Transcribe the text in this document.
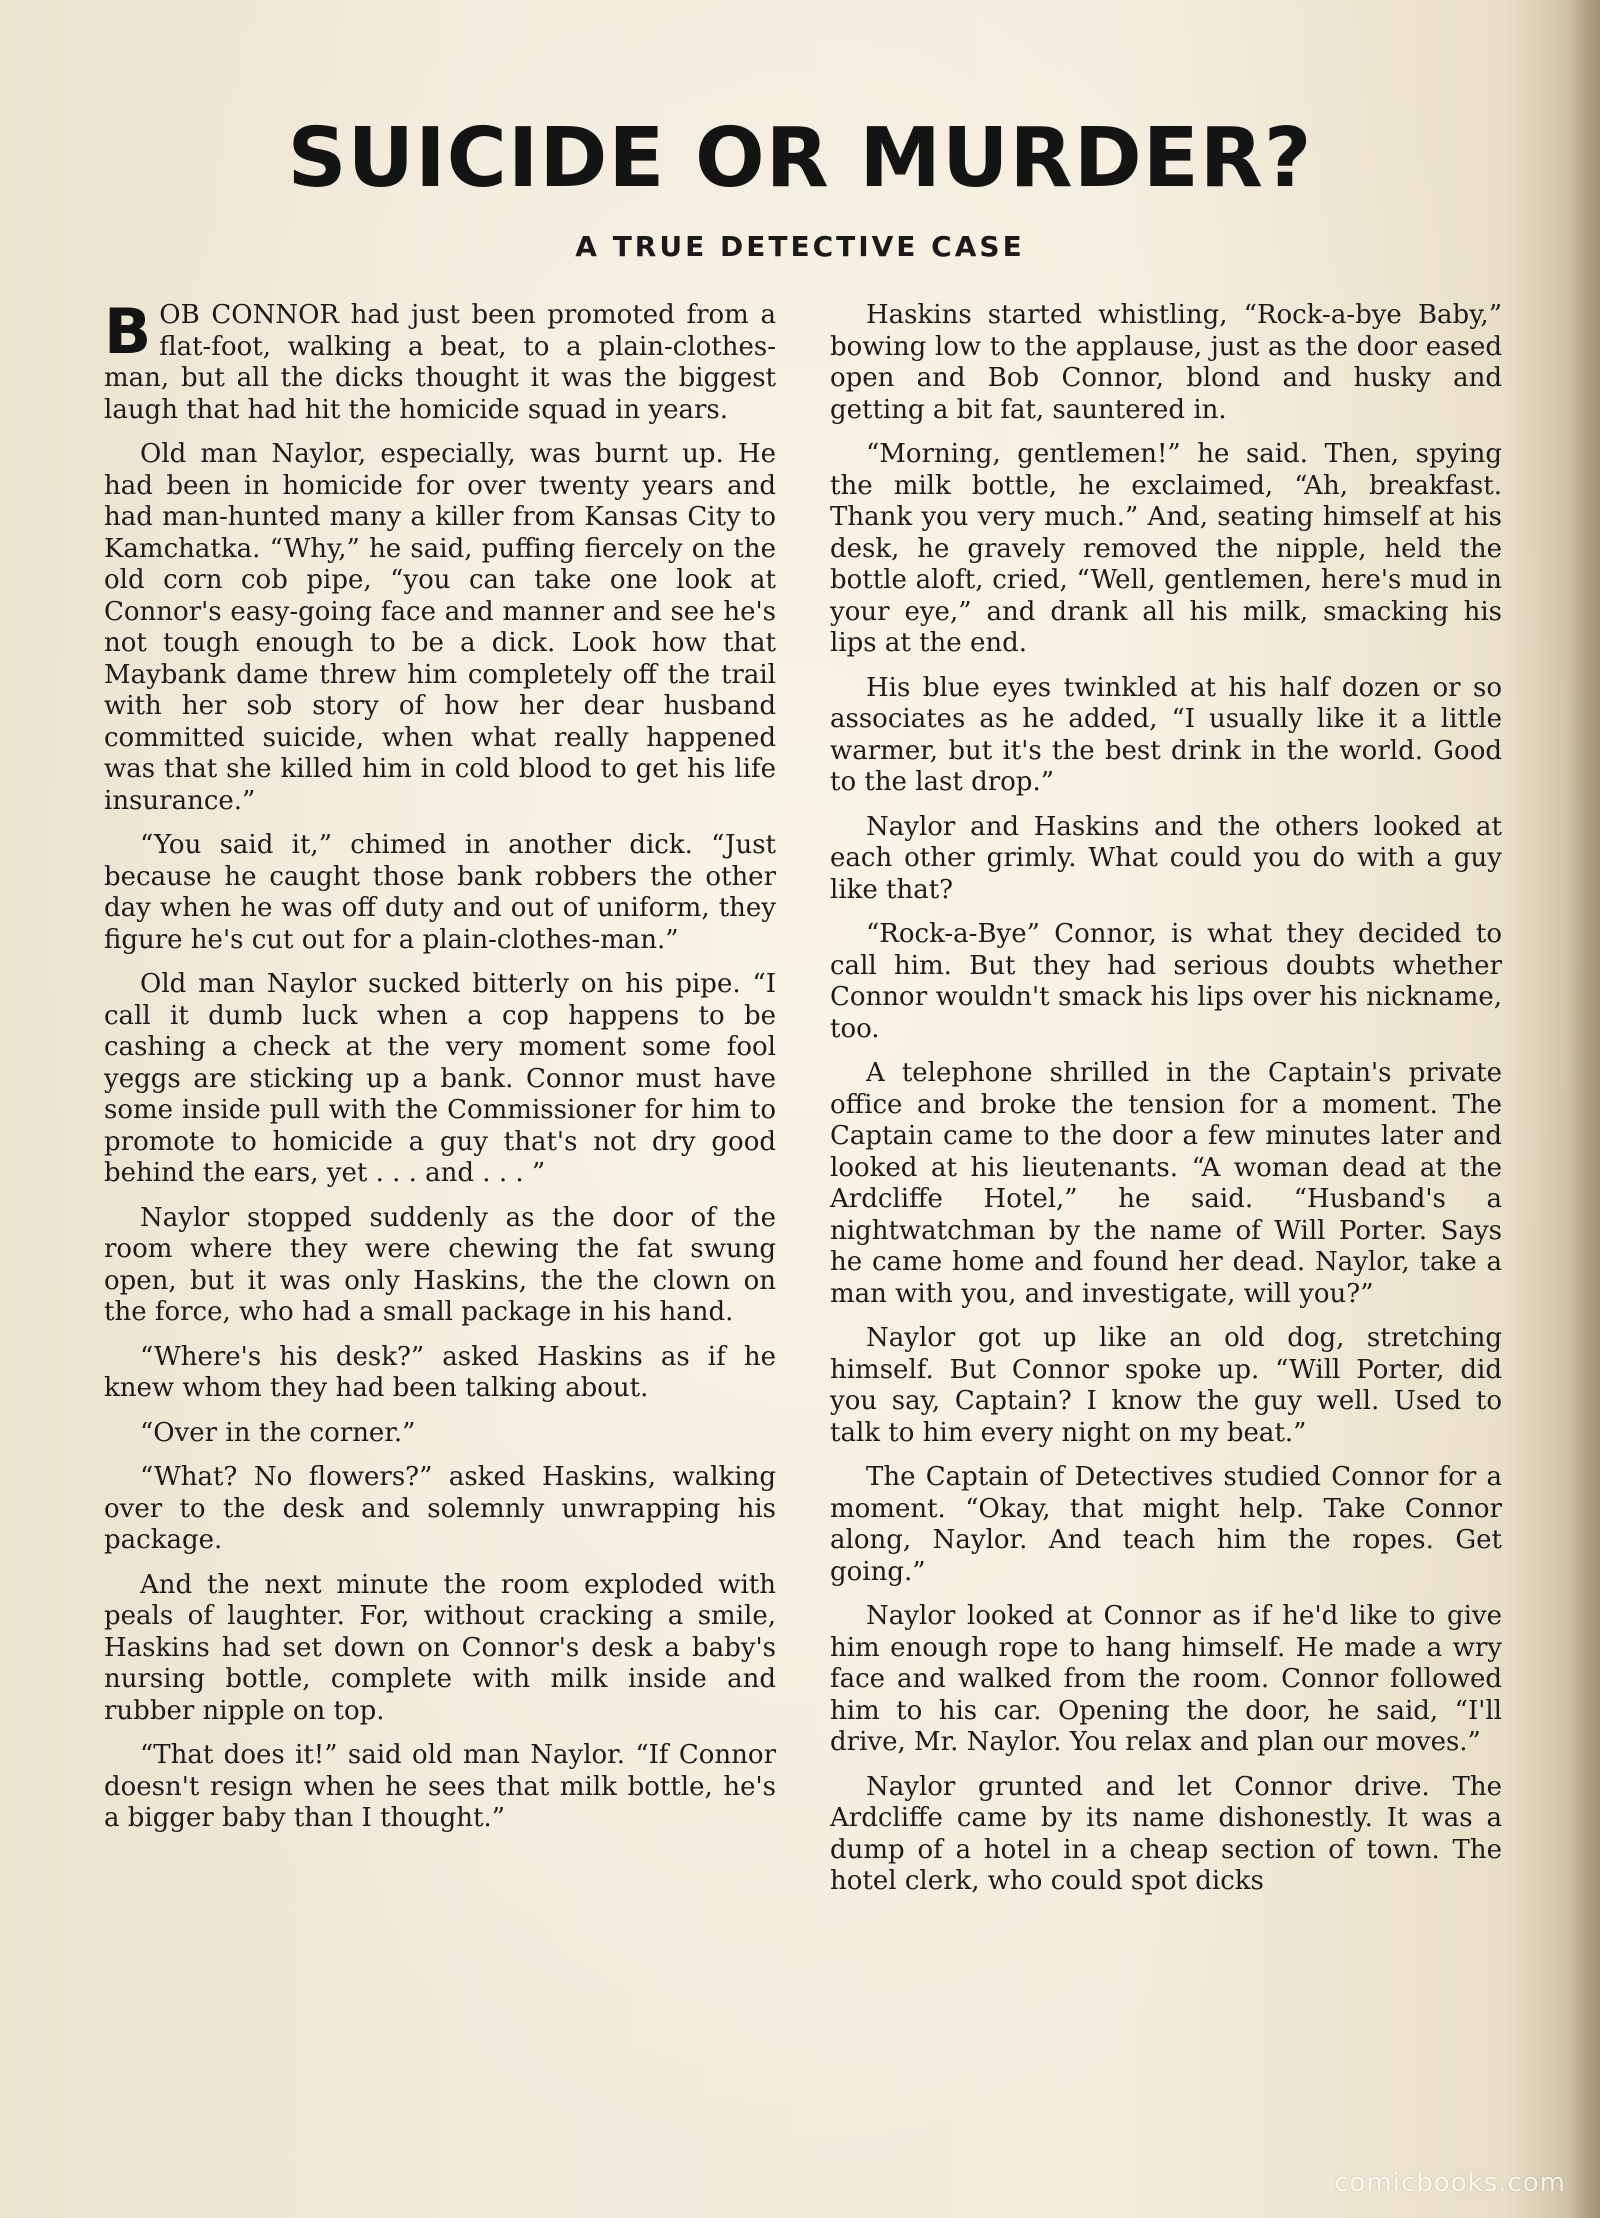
SUICIDE OR MURDER?
A TRUE DETECTIVE CASE

BOB CONNOR had just been promoted from a flat-foot, walking a beat, to a plain-clothes-man, but all the dicks thought it was the biggest laugh that had hit the homicide squad in years.

Old man Naylor, especially, was burnt up. He had been in homicide for over twenty years and had man-hunted many a killer from Kansas City to Kamchatka. “Why,” he said, puffing fiercely on the old corn cob pipe, “you can take one look at Connor's easy-going face and manner and see he's not tough enough to be a dick. Look how that Maybank dame threw him completely off the trail with her sob story of how her dear husband committed suicide, when what really happened was that she killed him in cold blood to get his life insurance.”

“You said it,” chimed in another dick. “Just because he caught those bank robbers the other day when he was off duty and out of uniform, they figure he's cut out for a plain-clothes-man.”

Old man Naylor sucked bitterly on his pipe. “I call it dumb luck when a cop happens to be cashing a check at the very moment some fool yeggs are sticking up a bank. Connor must have some inside pull with the Commissioner for him to promote to homicide a guy that's not dry good behind the ears, yet . . . and . . . ”

Naylor stopped suddenly as the door of the room where they were chewing the fat swung open, but it was only Haskins, the the clown on the force, who had a small package in his hand.

“Where's his desk?” asked Haskins as if he knew whom they had been talking about.

“Over in the corner.”

“What? No flowers?” asked Haskins, walking over to the desk and solemnly unwrapping his package.

And the next minute the room exploded with peals of laughter. For, without cracking a smile, Haskins had set down on Connor's desk a baby's nursing bottle, complete with milk inside and rubber nipple on top.

“That does it!” said old man Naylor. “If Connor doesn't resign when he sees that milk bottle, he's a bigger baby than I thought.”

Haskins started whistling, “Rock-a-bye Baby,” bowing low to the applause, just as the door eased open and Bob Connor, blond and husky and getting a bit fat, sauntered in.

“Morning, gentlemen!” he said. Then, spying the milk bottle, he exclaimed, “Ah, breakfast. Thank you very much.” And, seating himself at his desk, he gravely removed the nipple, held the bottle aloft, cried, “Well, gentlemen, here's mud in your eye,” and drank all his milk, smacking his lips at the end.

His blue eyes twinkled at his half dozen or so associates as he added, “I usually like it a little warmer, but it's the best drink in the world. Good to the last drop.”

Naylor and Haskins and the others looked at each other grimly. What could you do with a guy like that?

“Rock-a-Bye” Connor, is what they decided to call him. But they had serious doubts whether Connor wouldn't smack his lips over his nickname, too.

A telephone shrilled in the Captain's private office and broke the tension for a moment. The Captain came to the door a few minutes later and looked at his lieutenants. “A woman dead at the Ardcliffe Hotel,” he said. “Husband's a nightwatchman by the name of Will Porter. Says he came home and found her dead. Naylor, take a man with you, and investigate, will you?”

Naylor got up like an old dog, stretching himself. But Connor spoke up. “Will Porter, did you say, Captain? I know the guy well. Used to talk to him every night on my beat.”

The Captain of Detectives studied Connor for a moment. “Okay, that might help. Take Connor along, Naylor. And teach him the ropes. Get going.”

Naylor looked at Connor as if he'd like to give him enough rope to hang himself. He made a wry face and walked from the room. Connor followed him to his car. Opening the door, he said, “I'll drive, Mr. Naylor. You relax and plan our moves.”

Naylor grunted and let Connor drive. The Ardcliffe came by its name dishonestly. It was a dump of a hotel in a cheap section of town. The hotel clerk, who could spot dicks

comicbooks.com
